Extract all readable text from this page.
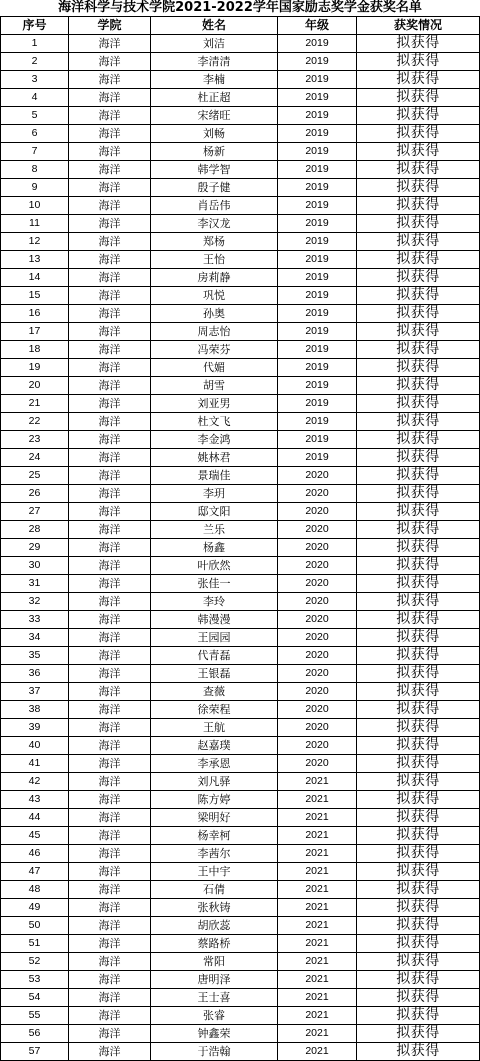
海洋科学与技术学院2021-2022学年国家励志奖学金获奖名单
序号	学院	姓名	年级	获奖情况
1	海洋	刘洁	2019	拟获得
2	海洋	李清清	2019	拟获得
3	海洋	李楠	2019	拟获得
4	海洋	杜正超	2019	拟获得
5	海洋	宋绪旺	2019	拟获得
6	海洋	刘畅	2019	拟获得
7	海洋	杨新	2019	拟获得
8	海洋	韩学智	2019	拟获得
9	海洋	殷子健	2019	拟获得
10	海洋	肖岳伟	2019	拟获得
11	海洋	李汉龙	2019	拟获得
12	海洋	郑杨	2019	拟获得
13	海洋	王怡	2019	拟获得
14	海洋	房莉静	2019	拟获得
15	海洋	巩悦	2019	拟获得
16	海洋	孙奥	2019	拟获得
17	海洋	周志怡	2019	拟获得
18	海洋	冯荣芬	2019	拟获得
19	海洋	代媚	2019	拟获得
20	海洋	胡雪	2019	拟获得
21	海洋	刘亚男	2019	拟获得
22	海洋	杜文飞	2019	拟获得
23	海洋	李金鸿	2019	拟获得
24	海洋	姚林君	2019	拟获得
25	海洋	景瑞佳	2020	拟获得
26	海洋	李玥	2020	拟获得
27	海洋	邸文阳	2020	拟获得
28	海洋	兰乐	2020	拟获得
29	海洋	杨鑫	2020	拟获得
30	海洋	叶欣然	2020	拟获得
31	海洋	张佳一	2020	拟获得
32	海洋	李玲	2020	拟获得
33	海洋	韩漫漫	2020	拟获得
34	海洋	王园园	2020	拟获得
35	海洋	代青磊	2020	拟获得
36	海洋	王银磊	2020	拟获得
37	海洋	查薇	2020	拟获得
38	海洋	徐荣程	2020	拟获得
39	海洋	王航	2020	拟获得
40	海洋	赵嘉璞	2020	拟获得
41	海洋	李承恩	2020	拟获得
42	海洋	刘凡驿	2021	拟获得
43	海洋	陈方婷	2021	拟获得
44	海洋	梁明好	2021	拟获得
45	海洋	杨幸柯	2021	拟获得
46	海洋	李茜尔	2021	拟获得
47	海洋	王中宇	2021	拟获得
48	海洋	石倩	2021	拟获得
49	海洋	张秋铸	2021	拟获得
50	海洋	胡欣蕊	2021	拟获得
51	海洋	蔡路桥	2021	拟获得
52	海洋	常阳	2021	拟获得
53	海洋	唐明泽	2021	拟获得
54	海洋	王士喜	2021	拟获得
55	海洋	张睿	2021	拟获得
56	海洋	钟鑫荣	2021	拟获得
57	海洋	于浩翰	2021	拟获得
